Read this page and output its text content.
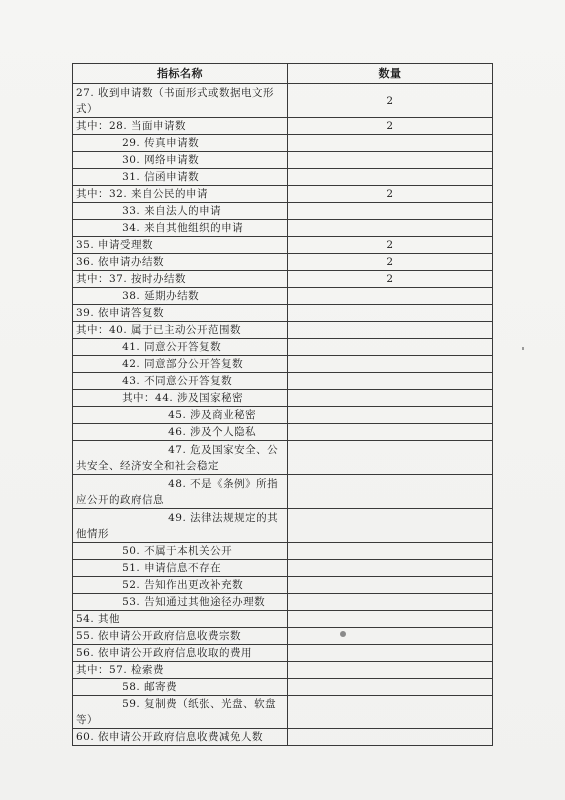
指标名称	数量
27. 收到申请数（书面形式或数据电文形式）	2
其中：28. 当面申请数	2
29. 传真申请数	
30. 网络申请数	
31. 信函申请数	
其中：32. 来自公民的申请	2
33. 来自法人的申请	
34. 来自其他组织的申请	
35. 申请受理数	2
36. 依申请办结数	2
其中：37. 按时办结数	2
38. 延期办结数	
39. 依申请答复数	
其中：40. 属于已主动公开范围数	
41. 同意公开答复数	
42. 同意部分公开答复数	
43. 不同意公开答复数	
其中：44. 涉及国家秘密	
45. 涉及商业秘密	
46. 涉及个人隐私	
47. 危及国家安全、公共安全、经济安全和社会稳定	
48. 不是《条例》所指应公开的政府信息	
49. 法律法规规定的其他情形	
50. 不属于本机关公开	
51. 申请信息不存在	
52. 告知作出更改补充数	
53. 告知通过其他途径办理数	
54. 其他	
55. 依申请公开政府信息收费宗数	
56. 依申请公开政府信息收取的费用	
其中：57. 检索费	
58. 邮寄费	
59. 复制费（纸张、光盘、软盘等）	
60. 依申请公开政府信息收费减免人数	
